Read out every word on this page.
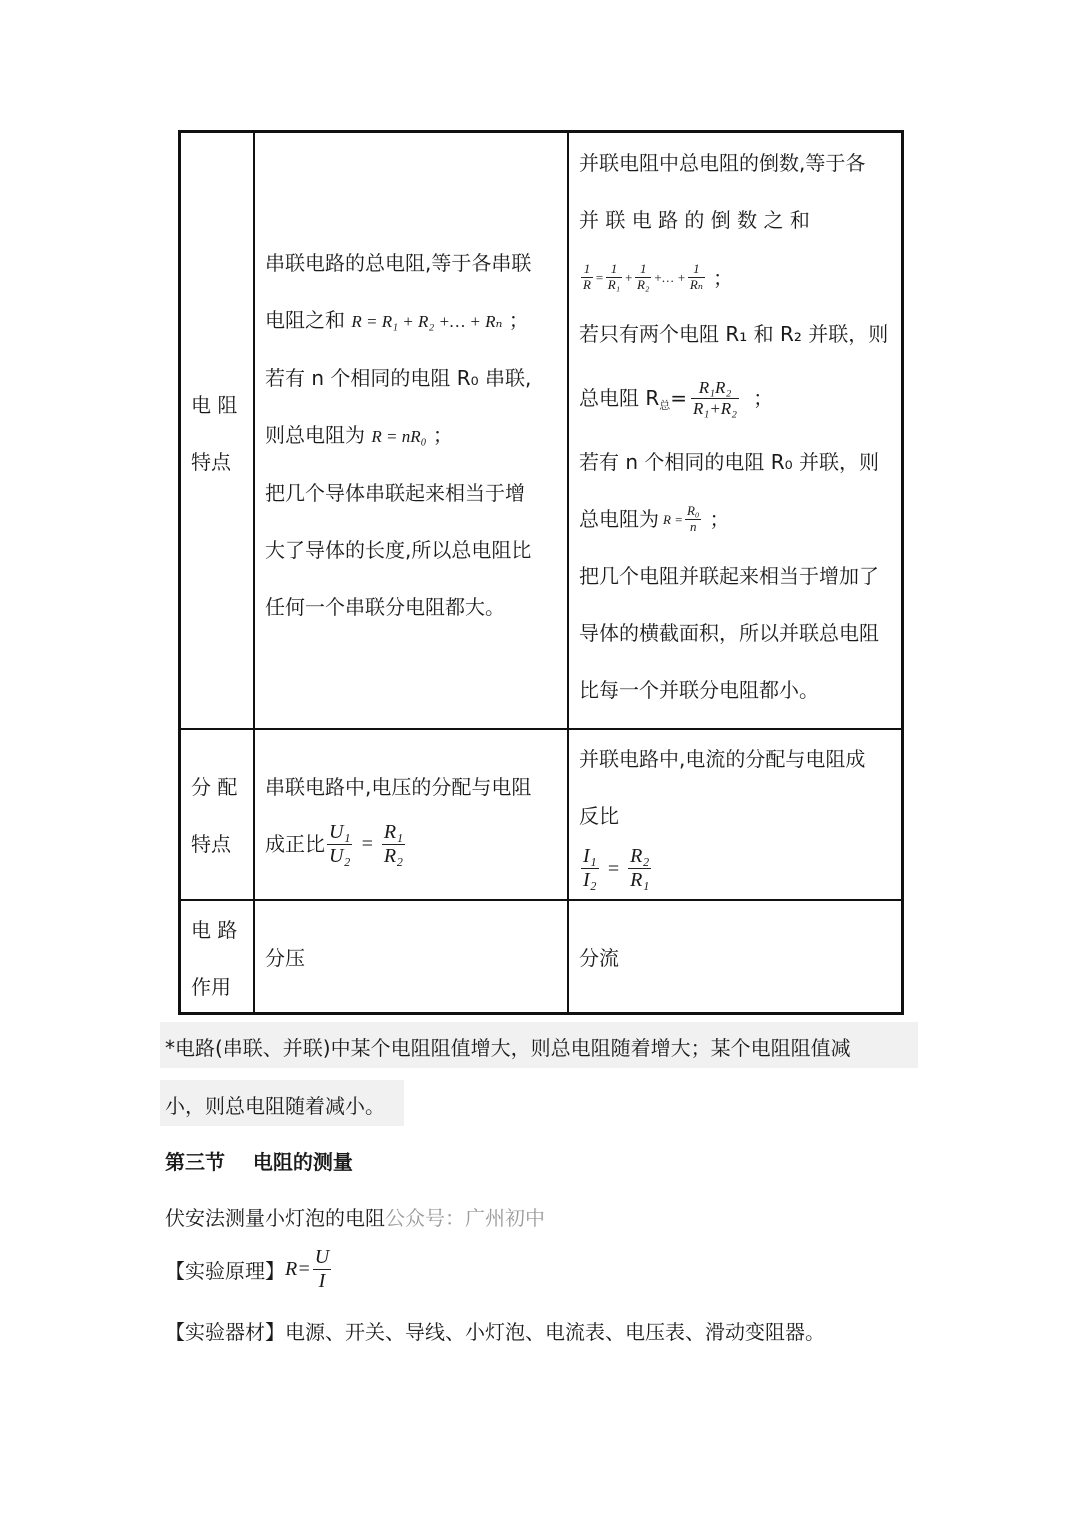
电 阻
特点
串联电路的总电阻,等于各串联
电阻之和 R = R₁ + R₂ +… + Rₙ ；
若有 n 个相同的电阻 R₀ 串联,
则总电阻为 R = nR₀ ；
把几个导体串联起来相当于增
大了导体的长度,所以总电阻比
任何一个串联分电阻都大。
并联电阻中总电阻的倒数,等于各
并 联 电 路 的 倒 数 之 和
$\frac{1}{R} = \frac{1}{\text{R₁}} + \frac{1}{\text{R₂}}$ +… + $\frac{1}{\text{Rₙ}}$ ；
若只有两个电阻 R₁ 和 R₂ 并联，则
总电阻 R 总 = $\frac{\text{R₁R₂}}{\text{R₁+R₂}}$ ；
若有 n 个相同的电阻 R₀ 并联，则
总电阻为 $R = \frac{\text{R₀}}{n}$ ；
把几个电阻并联起来相当于增加了
导体的横截面积，所以并联总电阻
比每一个并联分电阻都小。
分 配
特点
串联电路中,电压的分配与电阻
成正比 $\frac{\text{U₁}}{\text{U₂}} = \frac{\text{R₁}}{\text{R₂}}$
并联电路中,电流的分配与电阻成
反比
$\frac{\text{I₁}}{\text{I₂}} = \frac{\text{R₂}}{\text{R₁}}$
电 路
作用
分压	分流
*电路(串联、并联)中某个电阻阻值增大，则总电阻随着增大；某个电阻阻值减
小，则总电阻随着减小。
第三节    电阻的测量
伏安法测量小灯泡的电阻公众号：广州初中
【实验原理】 $R= \frac{U}{I}$
【实验器材】电源、开关、导线、小灯泡、电流表、电压表、滑动变阻器。
